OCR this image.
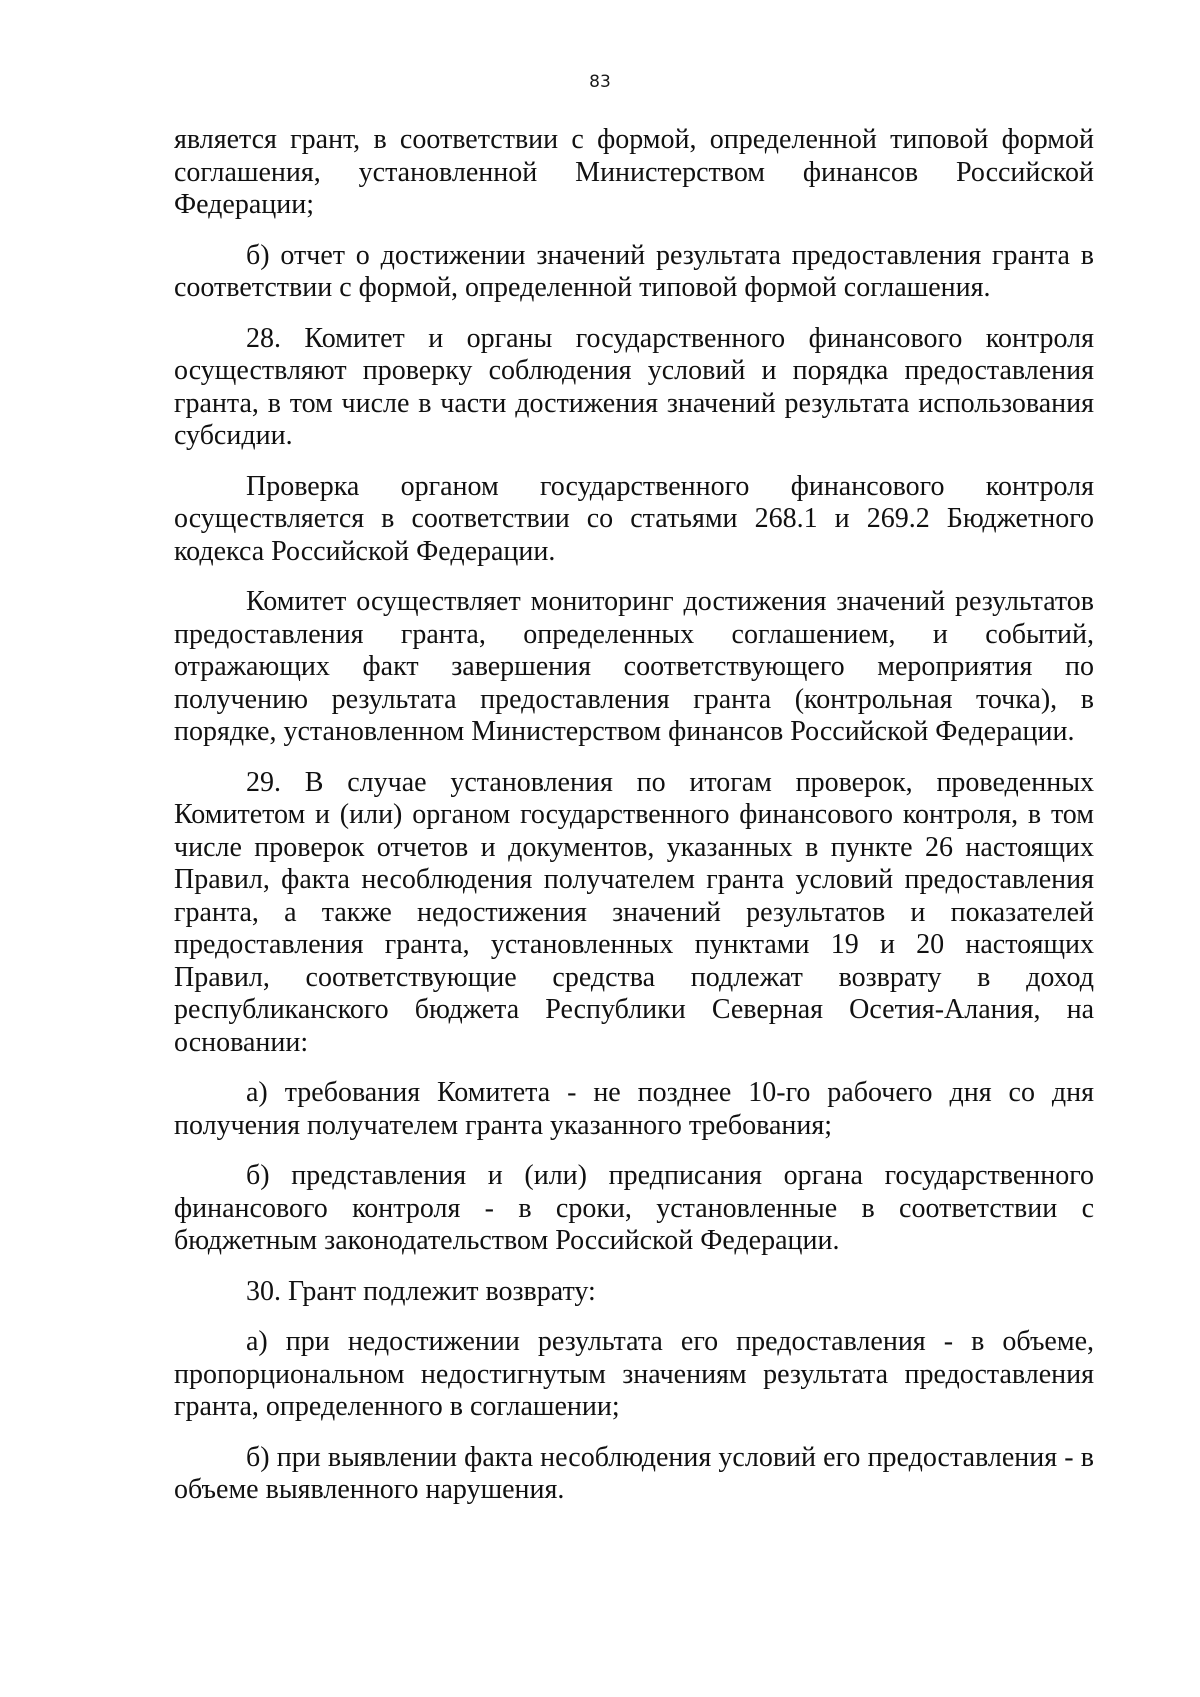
83

является грант, в соответствии с формой, определенной типовой формой соглашения, установленной Министерством финансов Российской Федерации;

б) отчет о достижении значений результата предоставления гранта в соответствии с формой, определенной типовой формой соглашения.

28. Комитет и органы государственного финансового контроля осуществляют проверку соблюдения условий и порядка предоставления гранта, в том числе в части достижения значений результата использования субсидии.

Проверка органом государственного финансового контроля осуществляется в соответствии со статьями 268.1 и 269.2 Бюджетного кодекса Российской Федерации.

Комитет осуществляет мониторинг достижения значений результатов предоставления гранта, определенных соглашением, и событий, отражающих факт завершения соответствующего мероприятия по получению результата предоставления гранта (контрольная точка), в порядке, установленном Министерством финансов Российской Федерации.

29. В случае установления по итогам проверок, проведенных Комитетом и (или) органом государственного финансового контроля, в том числе проверок отчетов и документов, указанных в пункте 26 настоящих Правил, факта несоблюдения получателем гранта условий предоставления гранта, а также недостижения значений результатов и показателей предоставления гранта, установленных пунктами 19 и 20 настоящих Правил, соответствующие средства подлежат возврату в доход республиканского бюджета Республики Северная Осетия-Алания, на основании:

а) требования Комитета - не позднее 10-го рабочего дня со дня получения получателем гранта указанного требования;

б) представления и (или) предписания органа государственного финансового контроля - в сроки, установленные в соответствии с бюджетным законодательством Российской Федерации.

30. Грант подлежит возврату:

а) при недостижении результата его предоставления - в объеме, пропорциональном недостигнутым значениям результата предоставления гранта, определенного в соглашении;

б) при выявлении факта несоблюдения условий его предоставления - в объеме выявленного нарушения.
